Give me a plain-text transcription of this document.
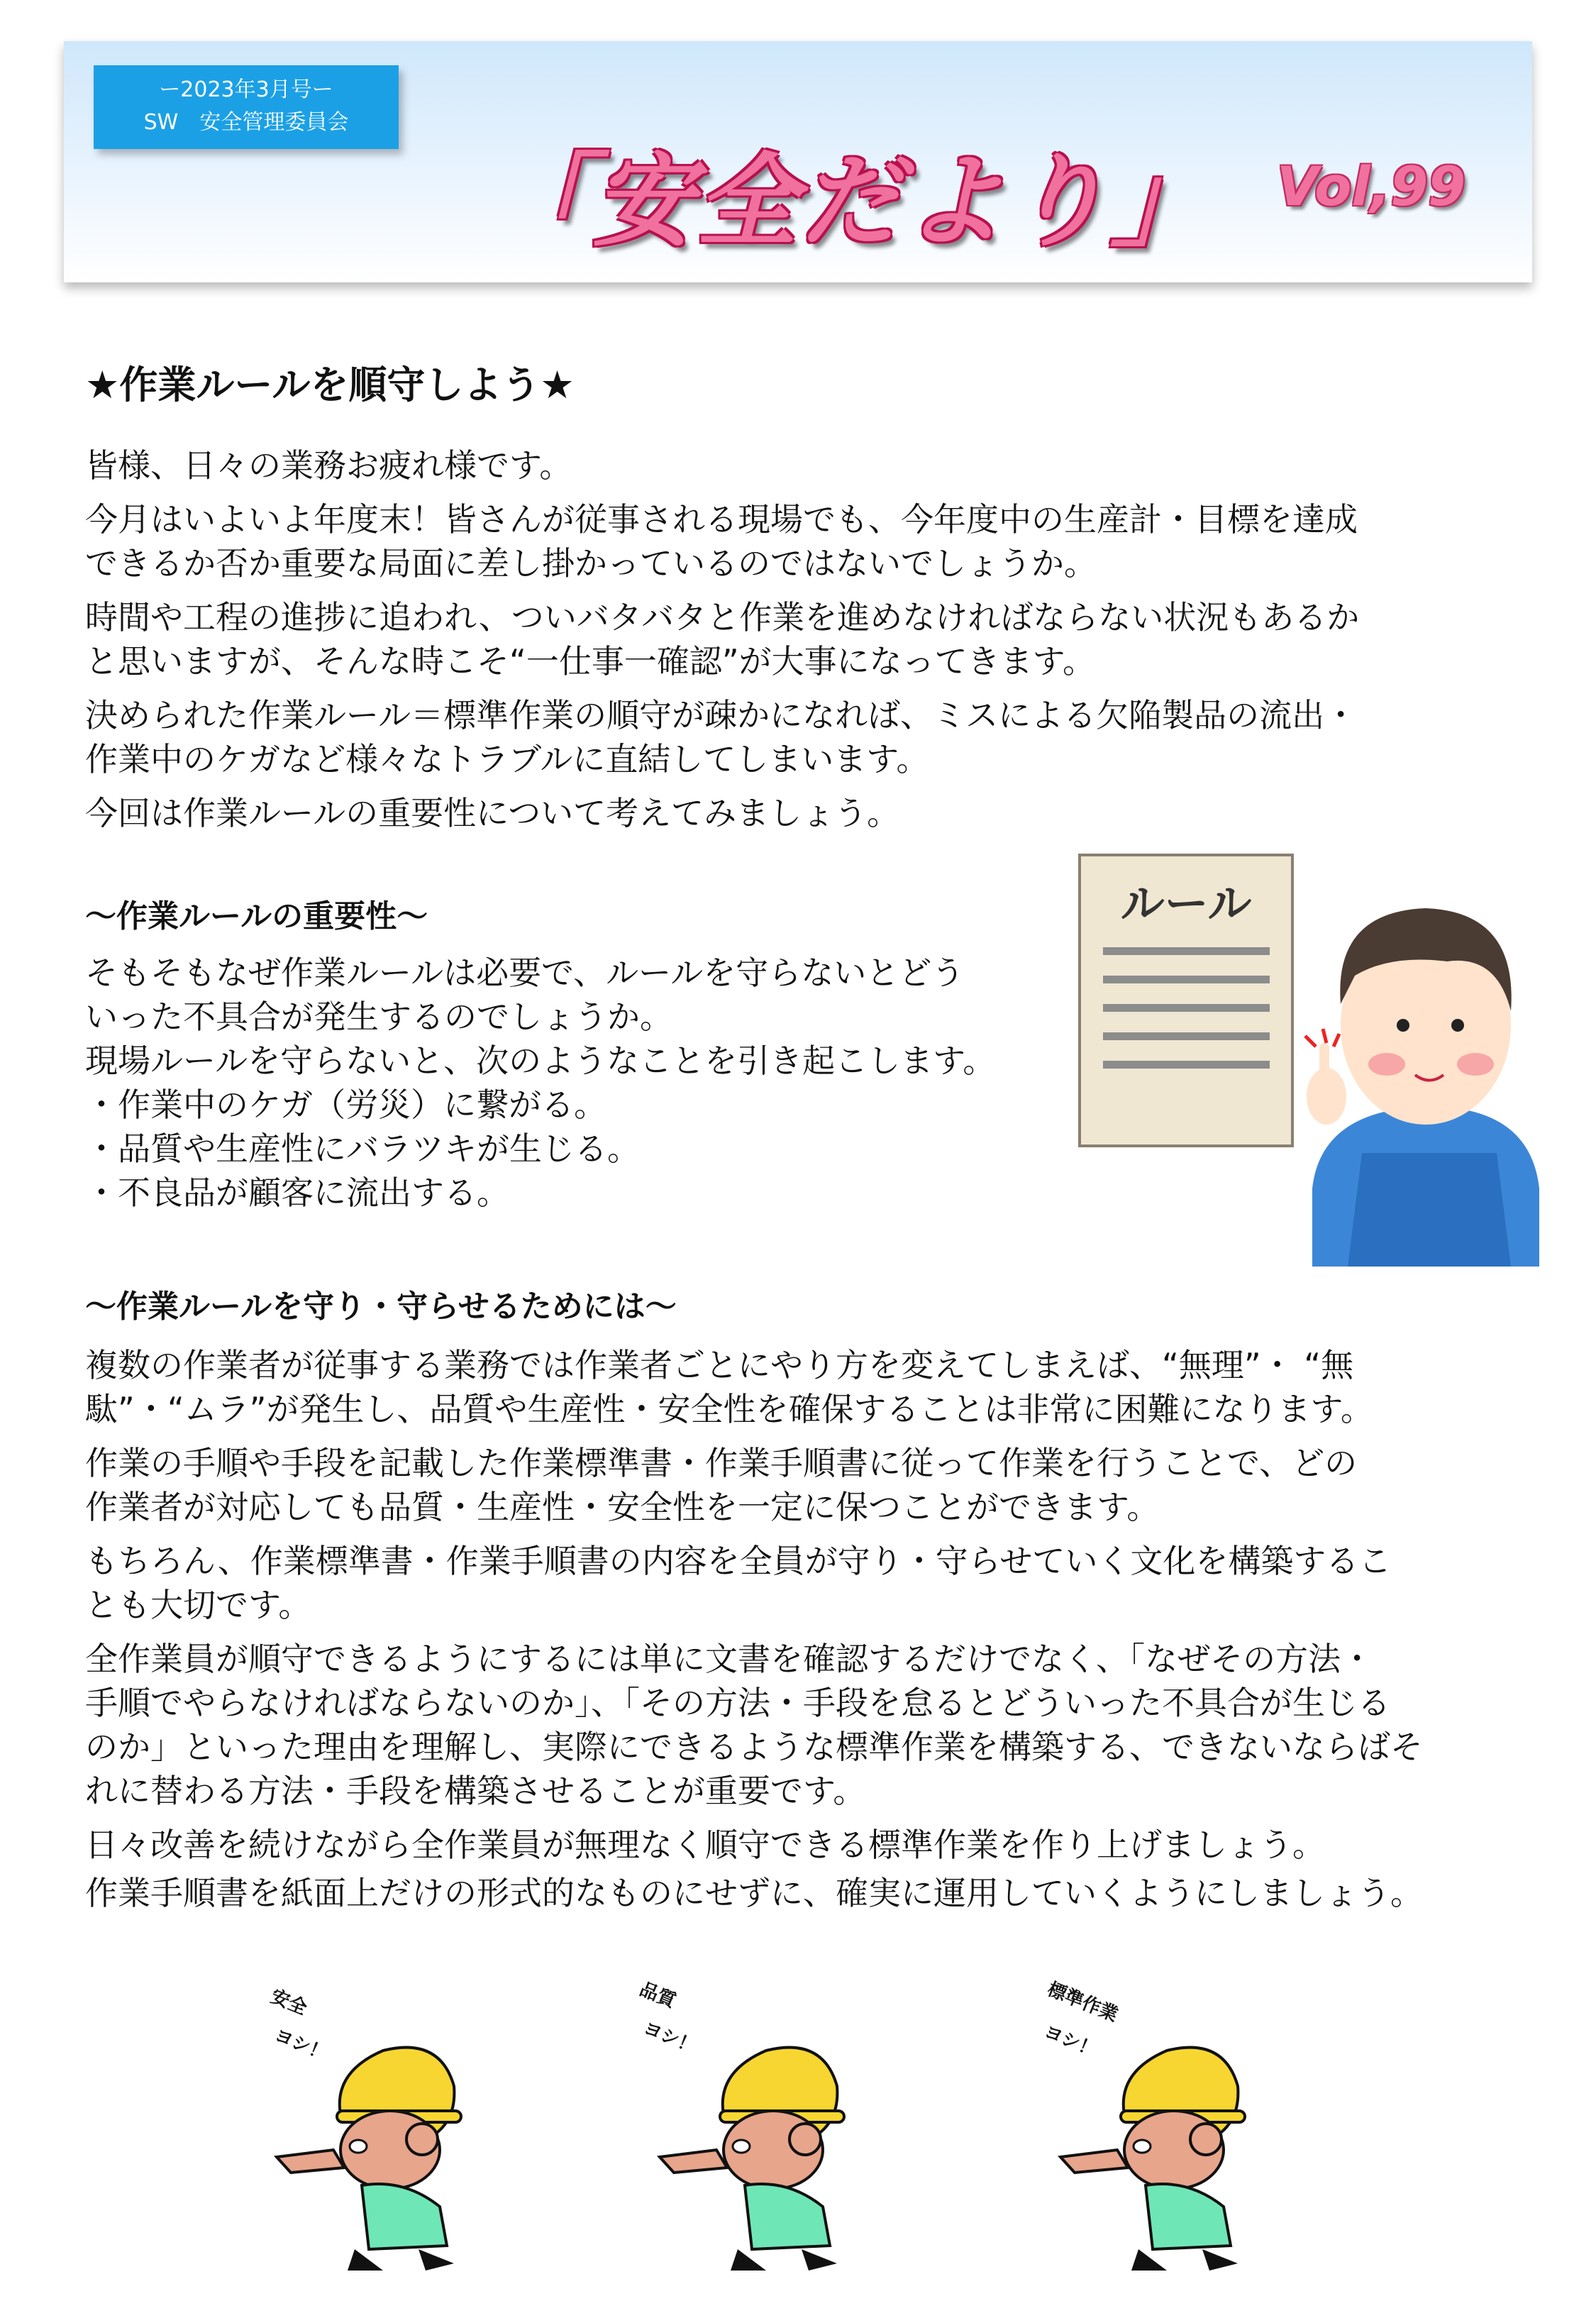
ー2023年3月号ー
SW　安全管理委員会
「安全だより」 Vol,99
★作業ルールを順守しよう★

皆様、日々の業務お疲れ様です。

今月はいよいよ年度末！皆さんが従事される現場でも、今年度中の生産計・目標を達成

できるか否か重要な局面に差し掛かっているのではないでしょうか。

時間や工程の進捗に追われ、ついバタバタと作業を進めなければならない状況もあるか

と思いますが、そんな時こそ“一仕事一確認”が大事になってきます。

決められた作業ルール＝標準作業の順守が疎かになれば、ミスによる欠陥製品の流出・

作業中のケガなど様々なトラブルに直結してしまいます。

今回は作業ルールの重要性について考えてみましょう。

～作業ルールの重要性～

そもそもなぜ作業ルールは必要で、ルールを守らないとどう

いった不具合が発生するのでしょうか。

現場ルールを守らないと、次のようなことを引き起こします。

・作業中のケガ（労災）に繋がる。

・品質や生産性にバラツキが生じる。

・不良品が顧客に流出する。

ルール
～作業ルールを守り・守らせるためには～

複数の作業者が従事する業務では作業者ごとにやり方を変えてしまえば、“無理”・ “無

駄”・“ムラ”が発生し、品質や生産性・安全性を確保することは非常に困難になります。

作業の手順や手段を記載した作業標準書・作業手順書に従って作業を行うことで、どの

作業者が対応しても品質・生産性・安全性を一定に保つことができます。

もちろん、作業標準書・作業手順書の内容を全員が守り・守らせていく文化を構築するこ

とも大切です。

全作業員が順守できるようにするには単に文書を確認するだけでなく、「なぜその方法・

手順でやらなければならないのか」、「その方法・手段を怠るとどういった不具合が生じる

のか」といった理由を理解し、実際にできるような標準作業を構築する、できないならばそ

れに替わる方法・手段を構築させることが重要です。

日々改善を続けながら全作業員が無理なく順守できる標準作業を作り上げましょう。

作業手順書を紙面上だけの形式的なものにせずに、確実に運用していくようにしましょう。

安全
ヨシ！
品質
ヨシ！
標準作業
ヨシ！
